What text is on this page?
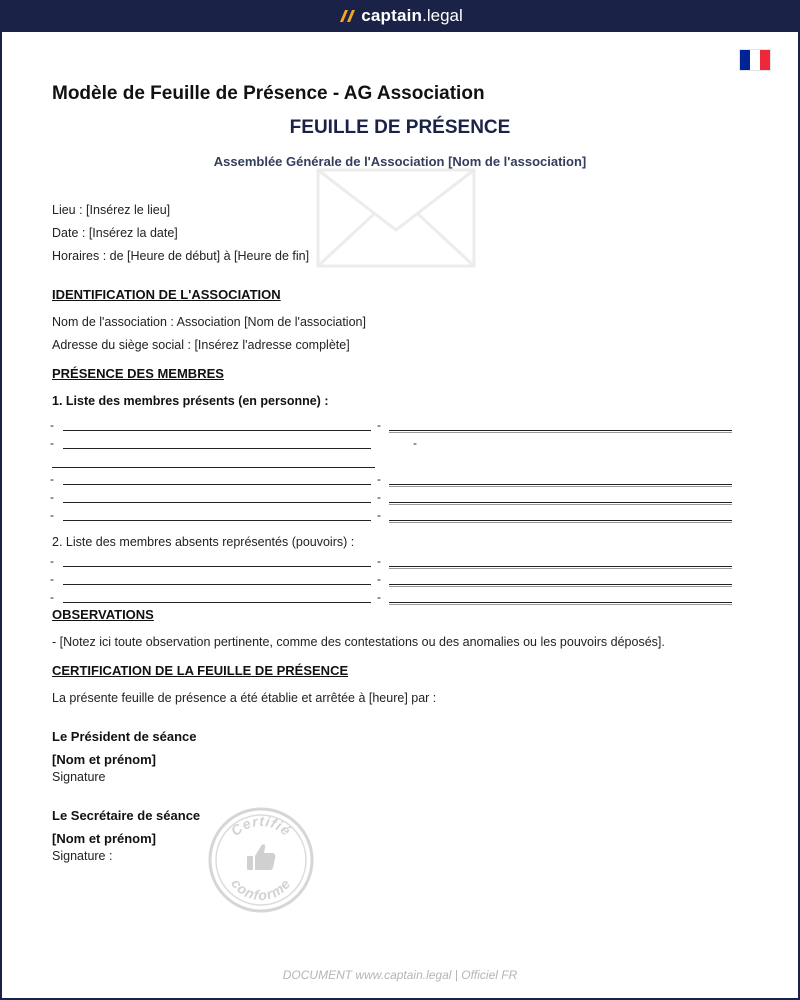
captain . legal
Modèle de Feuille de Présence - AG Association
FEUILLE DE PRÉSENCE
Assemblée Générale de l'Association [Nom de l'association]
Lieu : [Insérez le lieu]
Date : [Insérez la date]
Horaires : de [Heure de début] à [Heure de fin]
IDENTIFICATION DE L'ASSOCIATION
Nom de l'association : Association [Nom de l'association]
Adresse du siège social : [Insérez l'adresse complète]
PRÉSENCE DES MEMBRES
1. Liste des membres présents (en personne) :
-	-
-	-
-	-
-	-
-	-
2. Liste des membres absents représentés (pouvoirs) :
-	-
-	-
-	-
OBSERVATIONS
- [Notez ici toute observation pertinente, comme des contestations ou des anomalies ou les pouvoirs déposés].
CERTIFICATION DE LA FEUILLE DE PRÉSENCE
La présente feuille de présence a été établie et arrêtée à [heure] par :
Le Président de séance
[Nom et prénom]
Signature
Le Secrétaire de séance
[Nom et prénom]
Signature :
Certifié
conforme
DOCUMENT www.captain.legal | Officiel FR
